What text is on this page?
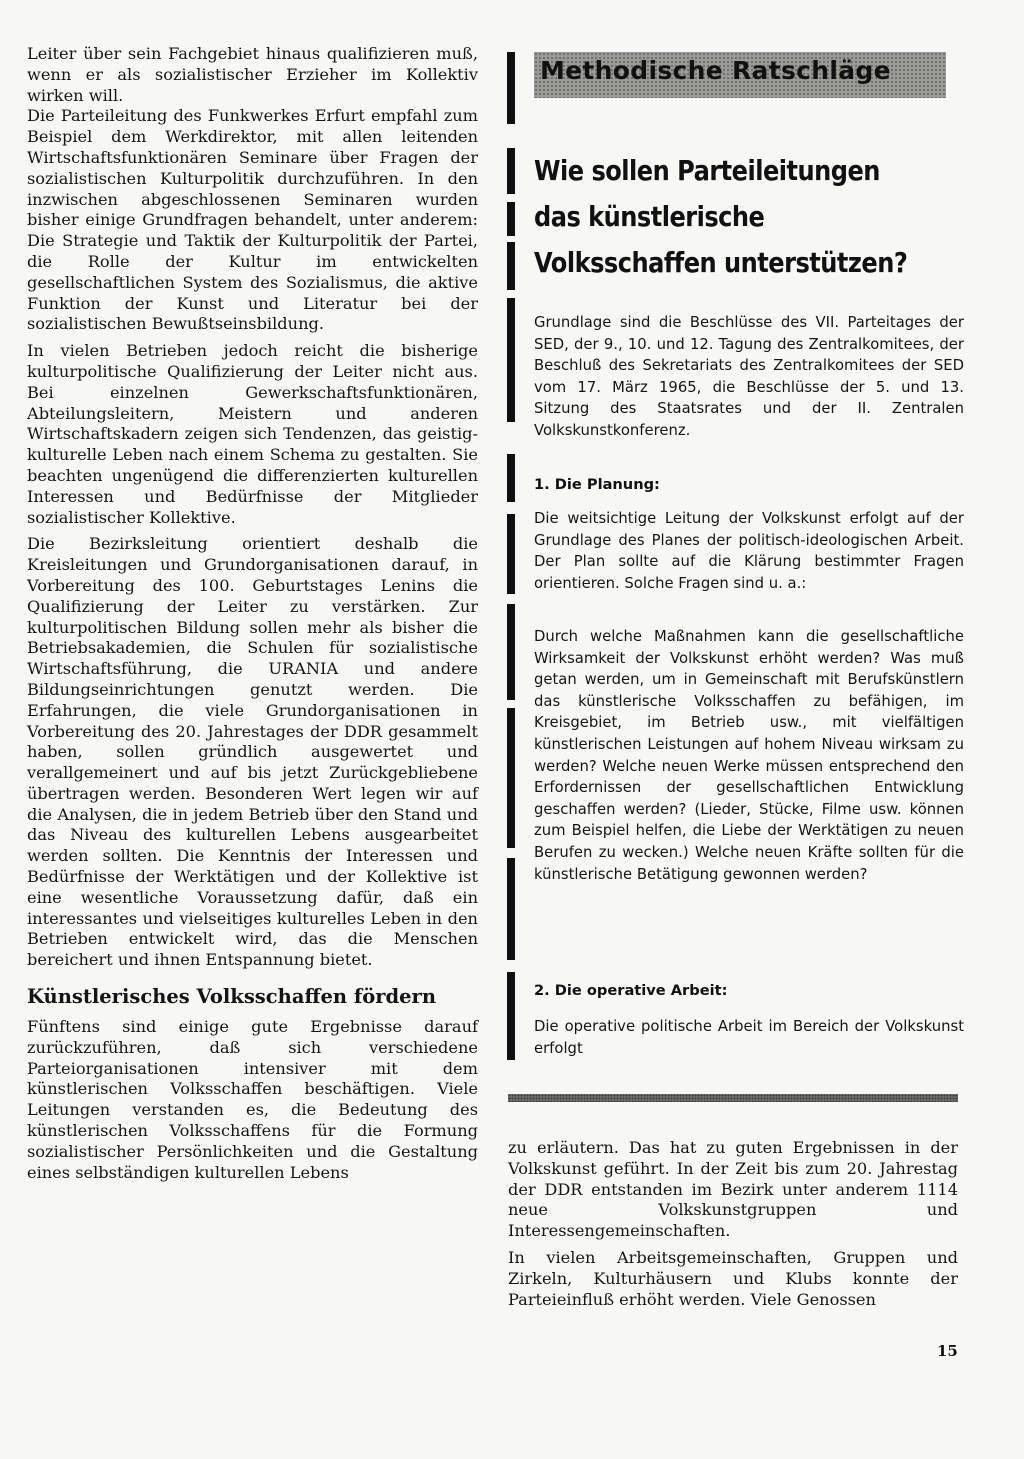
Leiter über sein Fachgebiet hinaus qualifizieren muß, wenn er als sozialistischer Erzieher im Kollektiv wirken will.

Die Parteileitung des Funkwerkes Erfurt empfahl zum Beispiel dem Werkdirektor, mit allen leitenden Wirtschaftsfunktionären Seminare über Fragen der sozialistischen Kulturpolitik durchzuführen. In den inzwischen abgeschlossenen Seminaren wurden bisher einige Grundfragen behandelt, unter anderem: Die Strategie und Taktik der Kulturpolitik der Partei, die Rolle der Kultur im entwickelten gesellschaftlichen System des Sozialismus, die aktive Funktion der Kunst und Literatur bei der sozialistischen Bewußtseinsbildung.

In vielen Betrieben jedoch reicht die bisherige kulturpolitische Qualifizierung der Leiter nicht aus. Bei einzelnen Gewerkschaftsfunktionären, Abteilungsleitern, Meistern und anderen Wirtschaftskadern zeigen sich Tendenzen, das geistig-kulturelle Leben nach einem Schema zu gestalten. Sie beachten ungenügend die differenzierten kulturellen Interessen und Bedürfnisse der Mitglieder sozialistischer Kollektive.

Die Bezirksleitung orientiert deshalb die Kreisleitungen und Grundorganisationen darauf, in Vorbereitung des 100. Geburtstages Lenins die Qualifizierung der Leiter zu verstärken. Zur kulturpolitischen Bildung sollen mehr als bisher die Betriebsakademien, die Schulen für sozialistische Wirtschaftsführung, die URANIA und andere Bildungseinrichtungen genutzt werden. Die Erfahrungen, die viele Grundorganisationen in Vorbereitung des 20. Jahrestages der DDR gesammelt haben, sollen gründlich ausgewertet und verallgemeinert und auf bis jetzt Zurückgebliebene übertragen werden. Besonderen Wert legen wir auf die Analysen, die in jedem Betrieb über den Stand und das Niveau des kulturellen Lebens ausgearbeitet werden sollten. Die Kenntnis der Interessen und Bedürfnisse der Werktätigen und der Kollektive ist eine wesentliche Voraussetzung dafür, daß ein interessantes und vielseitiges kulturelles Leben in den Betrieben entwickelt wird, das die Menschen bereichert und ihnen Entspannung bietet.

Künstlerisches Volksschaffen fördern

Fünftens sind einige gute Ergebnisse darauf zurückzuführen, daß sich verschiedene Parteiorganisationen intensiver mit dem künstlerischen Volksschaffen beschäftigen. Viele Leitungen verstanden es, die Bedeutung des künstlerischen Volksschaffens für die Formung sozialistischer Persönlichkeiten und die Gestaltung eines selbständigen kulturellen Lebens

Methodische Ratschläge
Wie sollen Parteileitungen
das künstlerische
Volksschaffen unterstützen?
Grundlage sind die Beschlüsse des VII. Parteitages der SED, der 9., 10. und 12. Tagung des Zentralkomitees, der Beschluß des Sekretariats des Zentralkomitees der SED vom 17. März 1965, die Beschlüsse der 5. und 13. Sitzung des Staatsrates und der II. Zentralen Volkskunstkonferenz.
1. Die Planung:
Die weitsichtige Leitung der Volkskunst erfolgt auf der Grundlage des Planes der politisch-ideologischen Arbeit. Der Plan sollte auf die Klärung bestimmter Fragen orientieren. Solche Fragen sind u. a.:
Durch welche Maßnahmen kann die gesellschaftliche Wirksamkeit der Volkskunst erhöht werden? Was muß getan werden, um in Gemeinschaft mit Berufskünstlern das künstlerische Volksschaffen zu befähigen, im Kreisgebiet, im Betrieb usw., mit vielfältigen künstlerischen Leistungen auf hohem Niveau wirksam zu werden? Welche neuen Werke müssen entsprechend den Erfordernissen der gesellschaftlichen Entwicklung geschaffen werden? (Lieder, Stücke, Filme usw. können zum Beispiel helfen, die Liebe der Werktätigen zu neuen Berufen zu wecken.) Welche neuen Kräfte sollten für die künstlerische Betätigung gewonnen werden?
2. Die operative Arbeit:
Die operative politische Arbeit im Bereich der Volkskunst erfolgt

zu erläutern. Das hat zu guten Ergebnissen in der Volkskunst geführt. In der Zeit bis zum 20. Jahrestag der DDR entstanden im Bezirk unter anderem 1114 neue Volkskunstgruppen und Interessengemeinschaften.

In vielen Arbeitsgemeinschaften, Gruppen und Zirkeln, Kulturhäusern und Klubs konnte der Parteieinfluß erhöht werden. Viele Genossen

15
